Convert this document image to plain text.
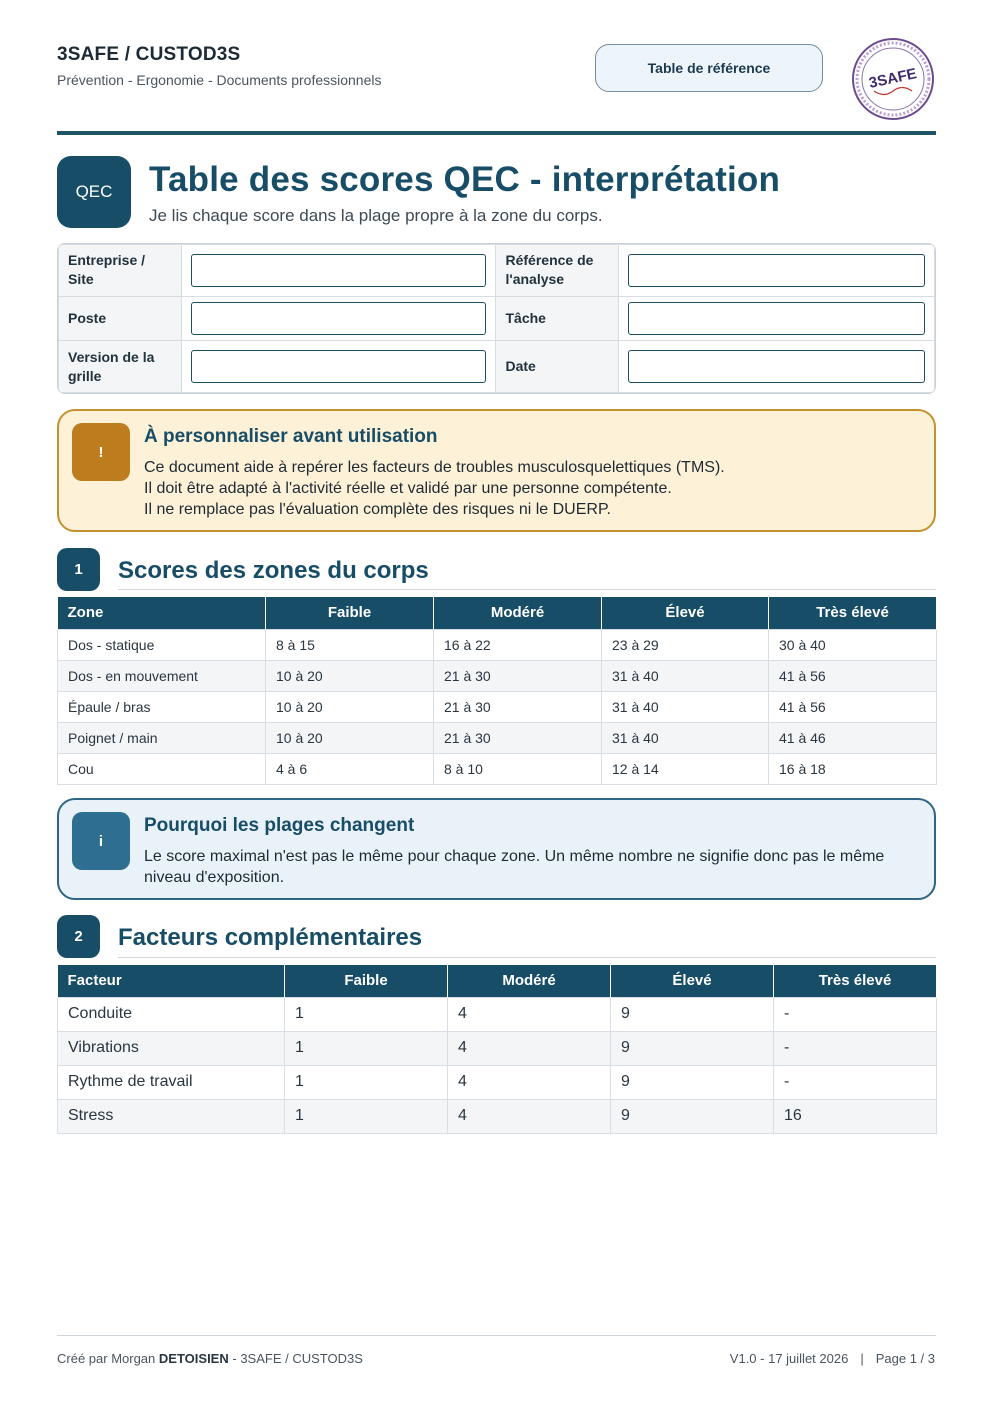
3SAFE / CUSTOD3S
Prévention - Ergonomie - Documents professionnels
Table de référence	3SAFE
QEC	Table des scores QEC - interprétation
Je lis chaque score dans la plage propre à la zone du corps.
Entreprise / Site		Référence de l'analyse	

Poste		Tâche	

Version de la grille		Date	
!
À personnaliser avant utilisation
Ce document aide à repérer les facteurs de troubles musculosquelettiques (TMS).
Il doit être adapté à l'activité réelle et validé par une personne compétente.
Il ne remplace pas l'évaluation complète des risques ni le DUERP.
1	Scores des zones du corps
Zone	Faible	Modéré	Élevé	Très élevé
Dos - statique	8 à 15	16 à 22	23 à 29	30 à 40
Dos - en mouvement	10 à 20	21 à 30	31 à 40	41 à 56
Épaule / bras	10 à 20	21 à 30	31 à 40	41 à 56
Poignet / main	10 à 20	21 à 30	31 à 40	41 à 46
Cou	4 à 6	8 à 10	12 à 14	16 à 18
i
Pourquoi les plages changent
Le score maximal n'est pas le même pour chaque zone. Un même nombre ne signifie donc pas le même niveau d'exposition.
2	Facteurs complémentaires
Facteur	Faible	Modéré	Élevé	Très élevé
Conduite	1	4	9	-
Vibrations	1	4	9	-
Rythme de travail	1	4	9	-
Stress	1	4	9	16
Créé par Morgan DETOISIEN - 3SAFE / CUSTOD3S	V1.0 - 17 juillet 2026 | Page 1 / 3
